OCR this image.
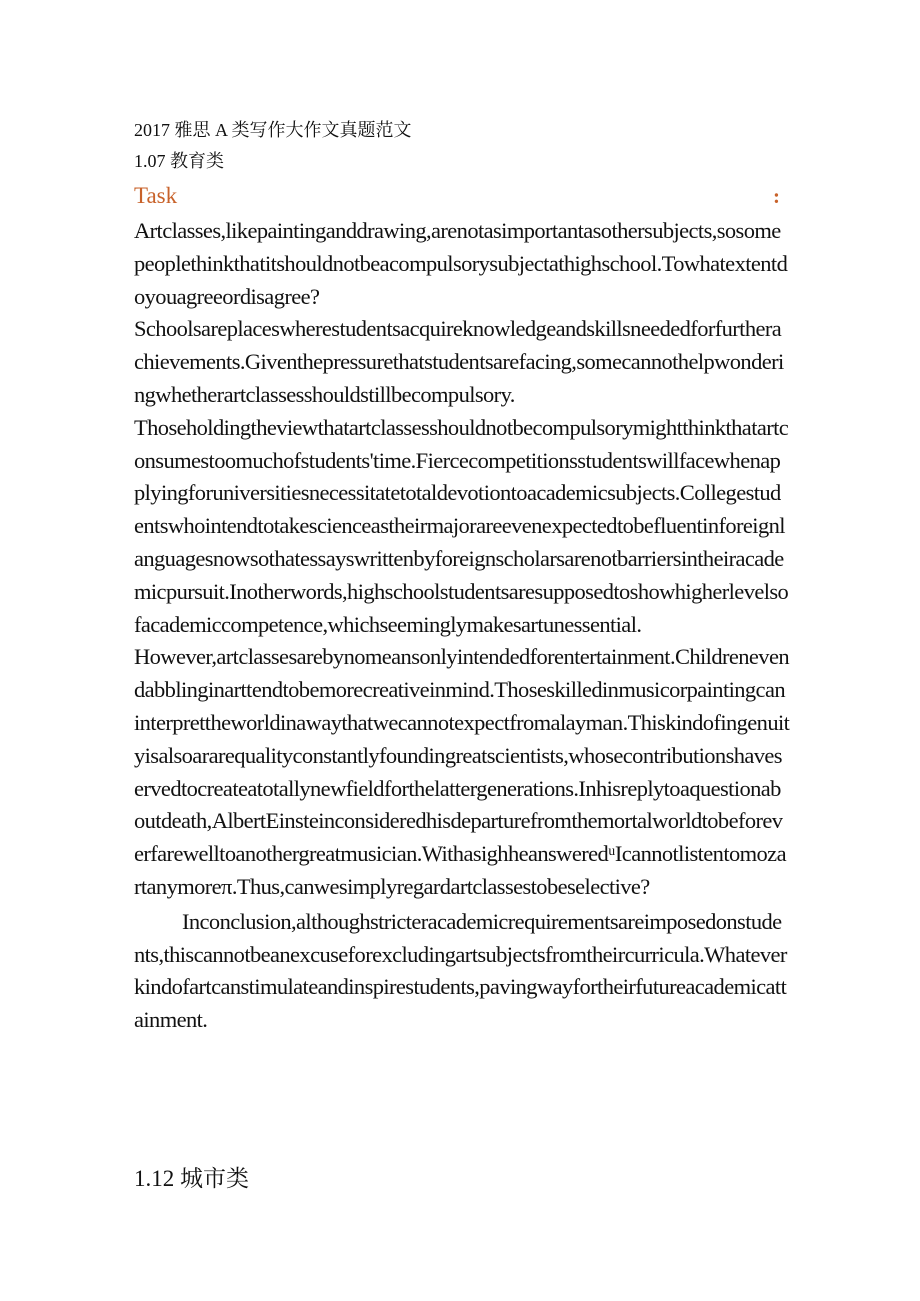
2017 雅思 A 类写作大作文真题范文
1.07 教育类
Task	:

Artclasses,likepaintinganddrawing,arenotasimportantasothersubjects,sosomepeoplethinkthatitshouldnotbeacompulsorysubjectathighschool.Towhatextentdoyouagreeordisagree?

Schoolsareplaceswherestudentsacquireknowledgeandskillsneededforfurtherachievements.Giventhepressurethatstudentsarefacing,somecannothelpwonderingwhetherartclassesshouldstillbecompulsory.

Thoseholdingtheviewthatartclassesshouldnotbecompulsorymightthinkthatartconsumestoomuchofstudents'time.Fiercecompetitionsstudentswillfacewhenapplyingforuniversitiesnecessitatetotaldevotiontoacademicsubjects.Collegestudentswhointendtotakescienceastheirmajorareevenexpectedtobefluentinforeignlanguagesnowsothatessayswrittenbyforeignscholarsarenotbarriersintheiracademicpursuit.Inotherwords,highschoolstudentsaresupposedtoshowhigherlevelsofacademiccompetence,whichseeminglymakesartunessential.

However,artclassesarebynomeansonlyintendedforentertainment.Childrenevendabblinginarttendtobemorecreativeinmind.Thoseskilledinmusicorpaintingcaninterprettheworldinawaythatwecannotexpectfromalayman.Thiskindofingenuityisalsoararequalityconstantlyfoundingreatscientists,whosecontributionshaveservedtocreateatotallynewfieldforthelattergenerations.Inhisreplytoaquestionaboutdeath,AlbertEinsteinconsideredhisdeparturefromthemortalworldtobeforeverfarewelltoanothergreatmusician.WithasighheansweredᵘIcannotlistentomozartanymoreπ.Thus,canwesimplyregardartclassestobeselective?

Inconclusion,althoughstricteracademicrequirementsareimposedonstudents,thiscannotbeanexcuseforexcludingartsubjectsfromtheircurricula.Whateverkindofartcanstimulateandinspirestudents,pavingwayfortheirfutureacademicattainment.

1.12 城市类
